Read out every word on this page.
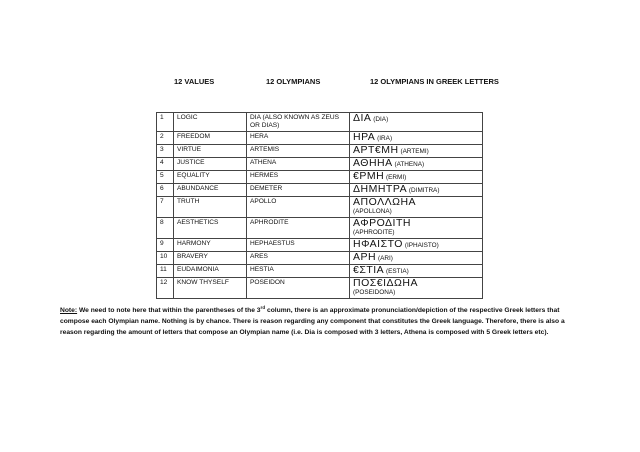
12 VALUES	12 OLYMPIANS	12 OLYMPIANS IN GREEK LETTERS
1	LOGIC	DIA (ALSO KNOWN AS ZEUS OR DIAS)	ΔΙΑ (DIA)
2	FREEDOM	HERA	ΗΡΑ (IRA)
3	VIRTUE	ARTEMIS	ΑΡΤ€ΜΗ (ARTEMI)
4	JUSTICE	ATHENA	ΑΘΗΗΑ (ATHENA)
5	EQUALITY	HERMES	€ΡΜΗ (ERMI)
6	ABUNDANCE	DEMETER	ΔΗΜΗΤΡΑ (DIMITRA)
7	TRUTH	APOLLO	ΑΠΟΛΛΩΗΑ
(APOLLONA)

8	AESTHETICS	APHRODITE	ΑΦΡΟΔΙΤΗ
(APHRODITE)

9	HARMONY	HEPHAESTUS	ΗΦΑΙΣΤΟ (IPHAISTO)
10	BRAVERY	ARES	ΑΡΗ (ARI)
11	EUDAIMONIA	HESTIA	€ΣΤΙΑ (ESTIA)
12	KNOW THYSELF	POSEIDON	ΠΟΣ€ΙΔΩΗΑ
(POSEIDONA)
Note: We need to note here that within the parentheses of the 3rd column, there is an approximate pronunciation/depiction of the respective Greek letters that compose each Olympian name. Nothing is by chance. There is reason regarding any component that constitutes the Greek language. Therefore, there is also a reason regarding the amount of letters that compose an Olympian name (i.e. Dia is composed with 3 letters, Athena is composed with 5 Greek letters etc).
